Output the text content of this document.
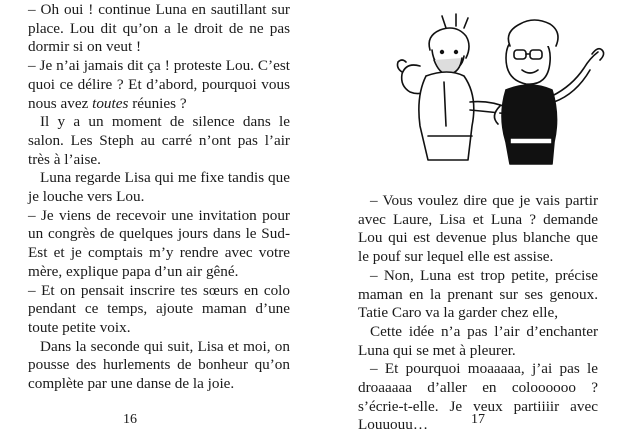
– Oh oui ! continue Luna en sautillant sur place. Lou dit qu’on a le droit de ne pas dormir si on veut !

– Je n’ai jamais dit ça ! proteste Lou. C’est quoi ce délire ? Et d’abord, pourquoi vous nous avez toutes réunies ?

Il y a un moment de silence dans le salon. Les Steph au carré n’ont pas l’air très à l’aise.

Luna regarde Lisa qui me fixe tandis que je louche vers Lou.

– Je viens de recevoir une invitation pour un congrès de quelques jours dans le Sud-Est et je comptais m’y rendre avec votre mère, explique papa d’un air gêné.

– Et on pensait inscrire tes sœurs en colo pendant ce temps, ajoute maman d’une toute petite voix.

Dans la seconde qui suit, Lisa et moi, on pousse des hurlements de bonheur qu’on complète par une danse de la joie.

16

– Vous voulez dire que je vais partir avec Laure, Lisa et Luna ? demande Lou qui est devenue plus blanche que le pouf sur lequel elle est assise.

– Non, Luna est trop petite, précise maman en la prenant sur ses genoux. Tatie Caro va la garder chez elle,

Cette idée n’a pas l’air d’enchanter Luna qui se met à pleurer.

– Et pourquoi moaaaaa, j’ai pas le droaaaaa d’aller en coloooooo ? s’écrie-t-elle. Je veux partiiiir avec Louuouu…	17
